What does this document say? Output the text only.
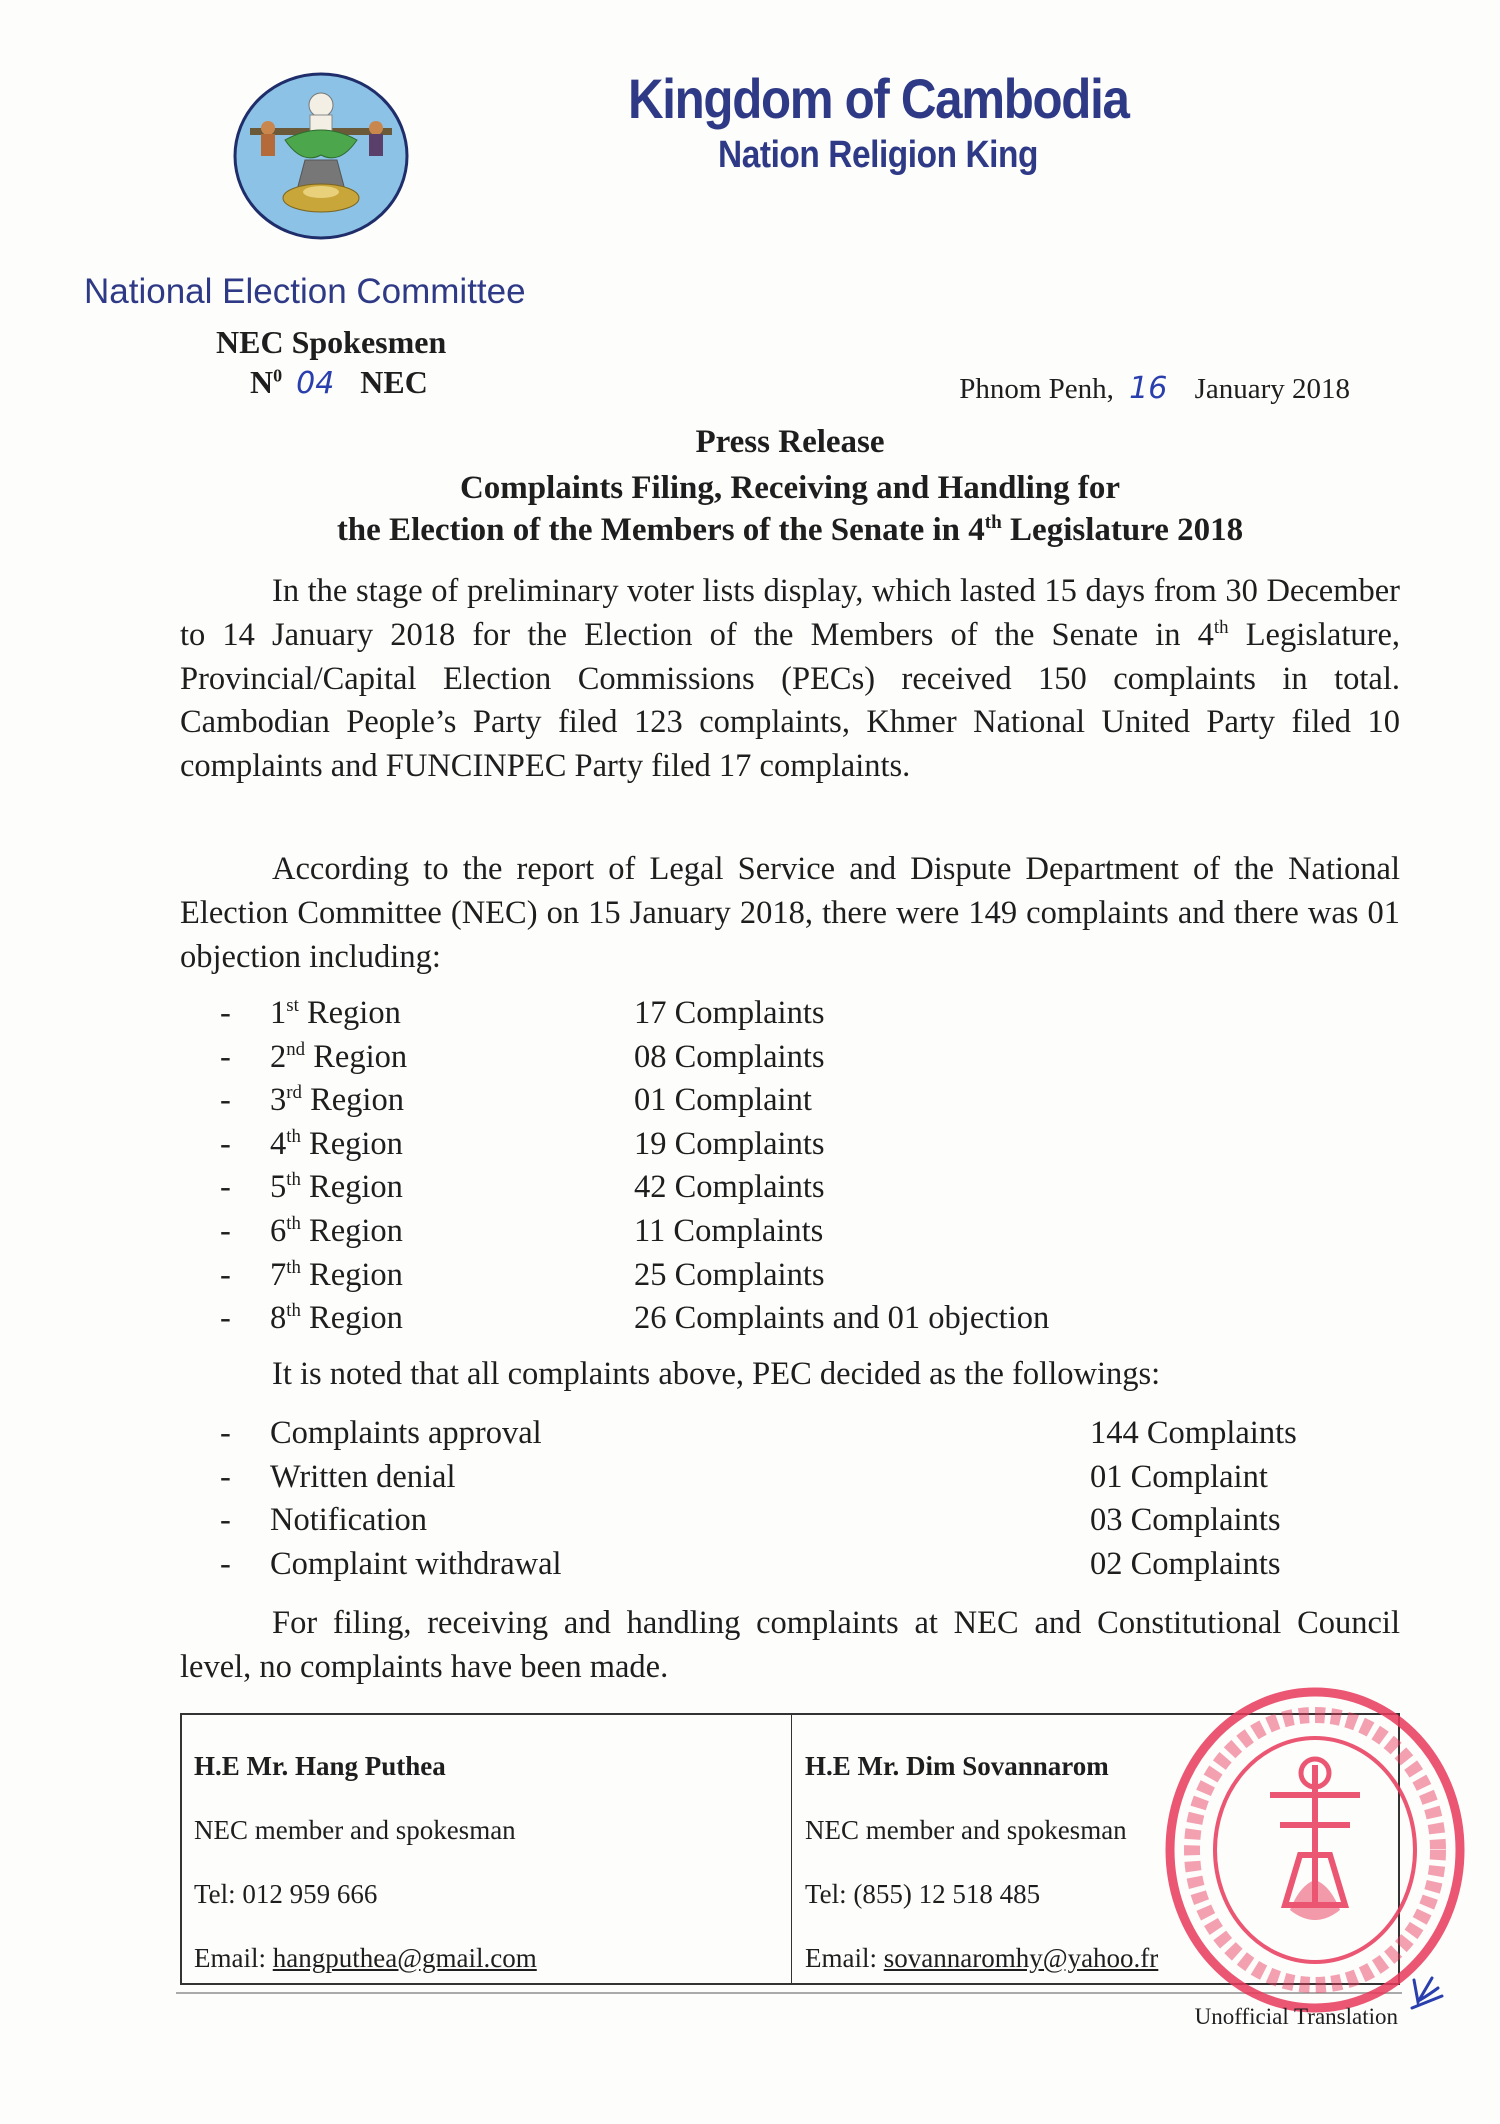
Kingdom of Cambodia
Nation Religion King
National Election Committee
NEC Spokesmen
$N^0$ 04 NEC	Phnom Penh, 16 January 2018
Press Release
Complaints Filing, Receiving and Handling for
the Election of the Members of the Senate in 4th Legislature 2018
In the stage of preliminary voter lists display, which lasted 15 days from 30 December to 14 January 2018 for the Election of the Members of the Senate in 4th Legislature, Provincial/Capital Election Commissions (PECs) received 150 complaints in total. Cambodian People’s Party filed 123 complaints, Khmer National United Party filed 10 complaints and FUNCINPEC Party filed 17 complaints.
According to the report of Legal Service and Dispute Department of the National Election Committee (NEC) on 15 January 2018, there were 149 complaints and there was 01 objection including:
- 1st Region	17 Complaints
- 2nd Region	08 Complaints
- 3rd Region	01 Complaint
- 4th Region	19 Complaints
- 5th Region	42 Complaints
- 6th Region	11 Complaints
- 7th Region	25 Complaints
- 8th Region	26 Complaints and 01 objection
It is noted that all complaints above, PEC decided as the followings:
- Complaints approval	144 Complaints
- Written denial	01 Complaint
- Notification	03 Complaints
- Complaint withdrawal	02 Complaints
For filing, receiving and handling complaints at NEC and Constitutional Council level, no complaints have been made.
H.E Mr. Hang Puthea
NEC member and spokesman
Tel: 012 959 666
Email: hangputhea@gmail.com
H.E Mr. Dim Sovannarom
NEC member and spokesman
Tel: (855) 12 518 485
Email: sovannaromhy@yahoo.fr
Unofficial Translation
